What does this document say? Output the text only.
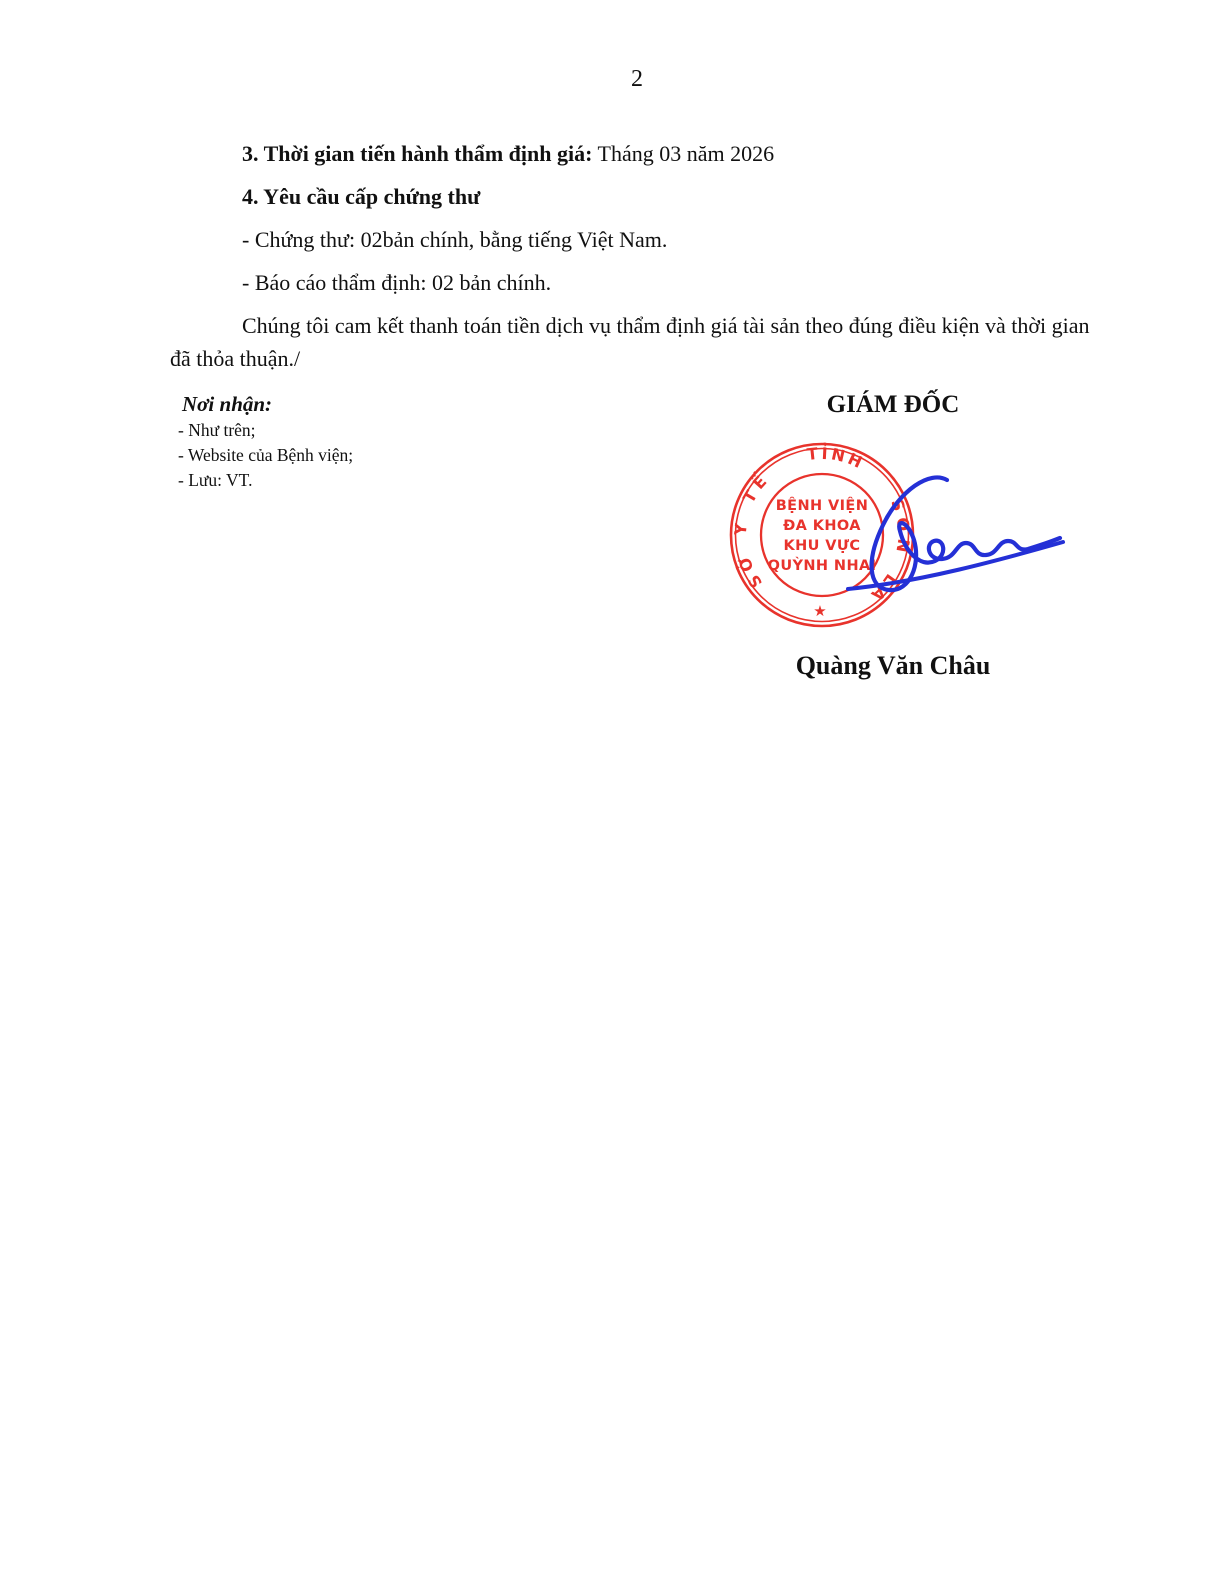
2
3. Thời gian tiến hành thẩm định giá: Tháng 03 năm 2026
4. Yêu cầu cấp chứng thư
- Chứng thư: 02bản chính, bằng tiếng Việt Nam.
- Báo cáo thẩm định: 02 bản chính.
Chúng tôi cam kết thanh toán tiền dịch vụ thẩm định giá tài sản theo đúng điều kiện và thời gian đã thỏa thuận./
Nơi nhận:
- Như trên;
- Website của Bệnh viện;
- Lưu: VT.
GIÁM ĐỐC
SỞ Y TẾ
TỈNH
SƠN
LA
BỆNH VIỆN
ĐA KHOA
KHU VỰC
QUỲNH NHAI
★
Quàng Văn Châu
